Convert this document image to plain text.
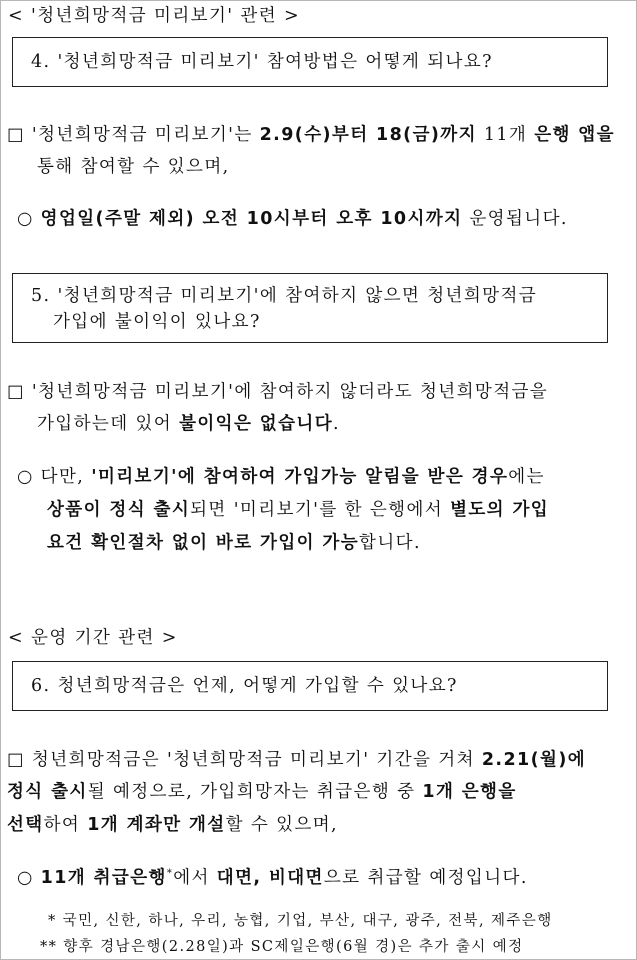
< '청년희망적금 미리보기' 관련 >
4. '청년희망적금 미리보기' 참여방법은 어떻게 되나요?
□ '청년희망적금 미리보기'는 2.9(수)부터 18(금)까지 11개 은행 앱을
통해 참여할 수 있으며,
○ 영업일(주말 제외) 오전 10시부터 오후 10시까지 운영됩니다.
5. '청년희망적금 미리보기'에 참여하지 않으면 청년희망적금
가입에 불이익이 있나요?
□ '청년희망적금 미리보기'에 참여하지 않더라도 청년희망적금을
가입하는데 있어 불이익은 없습니다.
○ 다만, '미리보기'에 참여하여 가입가능 알림을 받은 경우에는
상품이 정식 출시되면 '미리보기'를 한 은행에서 별도의 가입
요건 확인절차 없이 바로 가입이 가능합니다.
< 운영 기간 관련 >
6. 청년희망적금은 언제, 어떻게 가입할 수 있나요?
□ 청년희망적금은 '청년희망적금 미리보기' 기간을 거쳐 2.21(월)에
정식 출시될 예정으로, 가입희망자는 취급은행 중 1개 은행을
선택하여 1개 계좌만 개설할 수 있으며,
○ 11개 취급은행*에서 대면, 비대면으로 취급할 예정입니다.
* 국민, 신한, 하나, 우리, 농협, 기업, 부산, 대구, 광주, 전북, 제주은행
** 향후 경남은행(2.28일)과 SC제일은행(6월 경)은 추가 출시 예정
